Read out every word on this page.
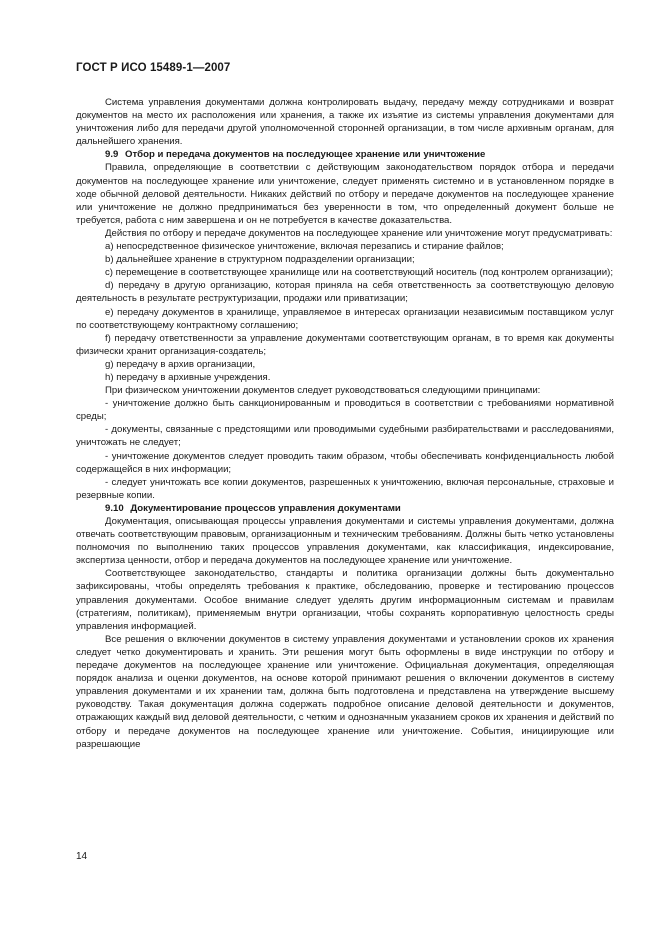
ГОСТ Р ИСО 15489-1—2007

Система управления документами должна контролировать выдачу, передачу между сотрудниками и возврат документов на место их расположения или хранения, а также их изъятие из системы управления документами для уничтожения либо для передачи другой уполномоченной сторонней организации, в том числе архивным органам, для дальнейшего хранения.

9.9 Отбор и передача документов на последующее хранение или уничтожение

Правила, определяющие в соответствии с действующим законодательством порядок отбора и передачи документов на последующее хранение или уничтожение, следует применять системно и в установленном порядке в ходе обычной деловой деятельности. Никаких действий по отбору и передаче документов на последующее хранение или уничтожение не должно предприниматься без уверенности в том, что определенный документ больше не требуется, работа с ним завершена и он не потребуется в качестве доказательства.

Действия по отбору и передаче документов на последующее хранение или уничтожение могут предусматривать:

a) непосредственное физическое уничтожение, включая перезапись и стирание файлов;

b) дальнейшее хранение в структурном подразделении организации;

c) перемещение в соответствующее хранилище или на соответствующий носитель (под контролем организации);

d) передачу в другую организацию, которая приняла на себя ответственность за соответствующую деловую деятельность в результате реструктуризации, продажи или приватизации;

e) передачу документов в хранилище, управляемое в интересах организации независимым поставщиком услуг по соответствующему контрактному соглашению;

f) передачу ответственности за управление документами соответствующим органам, в то время как документы физически хранит организация-создатель;

g) передачу в архив организации,

h) передачу в архивные учреждения.

При физическом уничтожении документов следует руководствоваться следующими принципами:

- уничтожение должно быть санкционированным и проводиться в соответствии с требованиями нормативной среды;

- документы, связанные с предстоящими или проводимыми судебными разбирательствами и расследованиями, уничтожать не следует;

- уничтожение документов следует проводить таким образом, чтобы обеспечивать конфиденциальность любой содержащейся в них информации;

- следует уничтожать все копии документов, разрешенных к уничтожению, включая персональные, страховые и резервные копии.

9.10 Документирование процессов управления документами

Документация, описывающая процессы управления документами и системы управления документами, должна отвечать соответствующим правовым, организационным и техническим требованиям. Должны быть четко установлены полномочия по выполнению таких процессов управления документами, как классификация, индексирование, экспертиза ценности, отбор и передача документов на последующее хранение или уничтожение.

Соответствующее законодательство, стандарты и политика организации должны быть документально зафиксированы, чтобы определять требования к практике, обследованию, проверке и тестированию процессов управления документами. Особое внимание следует уделять другим информационным системам и правилам (стратегиям, политикам), применяемым внутри организации, чтобы сохранять корпоративную целостность среды управления информацией.

Все решения о включении документов в систему управления документами и установлении сроков их хранения следует четко документировать и хранить. Эти решения могут быть оформлены в виде инструкции по отбору и передаче документов на последующее хранение или уничтожение. Официальная документация, определяющая порядок анализа и оценки документов, на основе которой принимают решения о включении документов в систему управления документами и их хранении там, должна быть подготовлена и представлена на утверждение высшему руководству. Такая документация должна содержать подробное описание деловой деятельности и документов, отражающих каждый вид деловой деятельности, с четким и однозначным указанием сроков их хранения и действий по отбору и передаче документов на последующее хранение или уничтожение. События, инициирующие или разрешающие

14
